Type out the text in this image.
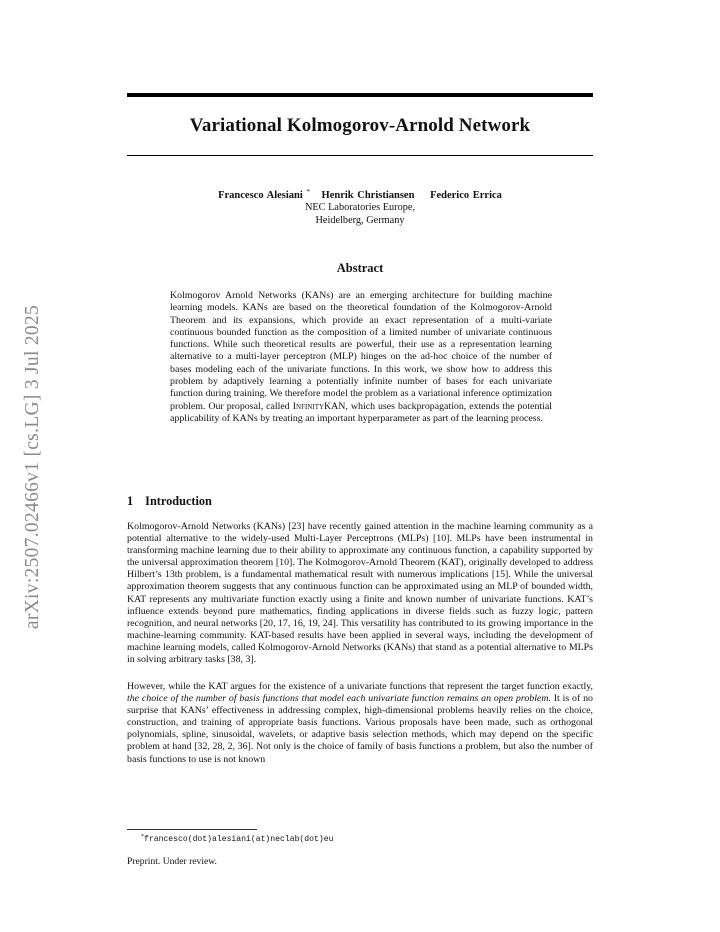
arXiv:2507.02466v1 [cs.LG] 3 Jul 2025
Variational Kolmogorov-Arnold Network
Francesco Alesiani * Henrik Christiansen Federico Errica
NEC Laboratories Europe,
Heidelberg, Germany
Abstract
Kolmogorov Arnold Networks (KANs) are an emerging architecture for building machine learning models. KANs are based on the theoretical foundation of the Kolmogorov-Arnold Theorem and its expansions, which provide an exact representation of a multi-variate continuous bounded function as the composition of a limited number of univariate continuous functions. While such theoretical results are powerful, their use as a representation learning alternative to a multi-layer perceptron (MLP) hinges on the ad-hoc choice of the number of bases modeling each of the univariate functions. In this work, we show how to address this problem by adaptively learning a potentially infinite number of bases for each univariate function during training. We therefore model the problem as a variational inference optimization problem. Our proposal, called InfinityKAN, which uses backpropagation, extends the potential applicability of KANs by treating an important hyperparameter as part of the learning process.
1 Introduction
Kolmogorov-Arnold Networks (KANs) [23] have recently gained attention in the machine learning community as a potential alternative to the widely-used Multi-Layer Perceptrons (MLPs) [10]. MLPs have been instrumental in transforming machine learning due to their ability to approximate any continuous function, a capability supported by the universal approximation theorem [10]. The Kolmogorov-Arnold Theorem (KAT), originally developed to address Hilbert’s 13th problem, is a fundamental mathematical result with numerous implications [15]. While the universal approximation theorem suggests that any continuous function can be approximated using an MLP of bounded width, KAT represents any multivariate function exactly using a finite and known number of univariate functions. KAT’s influence extends beyond pure mathematics, finding applications in diverse fields such as fuzzy logic, pattern recognition, and neural networks [20, 17, 16, 19, 24]. This versatility has contributed to its growing importance in the machine-learning community. KAT-based results have been applied in several ways, including the development of machine learning models, called Kolmogorov-Arnold Networks (KANs) that stand as a potential alternative to MLPs in solving arbitrary tasks [38, 3].
However, while the KAT argues for the existence of a univariate functions that represent the target function exactly, the choice of the number of basis functions that model each univariate function remains an open problem. It is of no surprise that KANs’ effectiveness in addressing complex, high-dimensional problems heavily relies on the choice, construction, and training of appropriate basis functions. Various proposals have been made, such as orthogonal polynomials, spline, sinusoidal, wavelets, or adaptive basis selection methods, which may depend on the specific problem at hand [32, 28, 2, 36]. Not only is the choice of family of basis functions a problem, but also the number of basis functions to use is not known
*francesco(dot)alesiani(at)neclab(dot)eu
Preprint. Under review.
